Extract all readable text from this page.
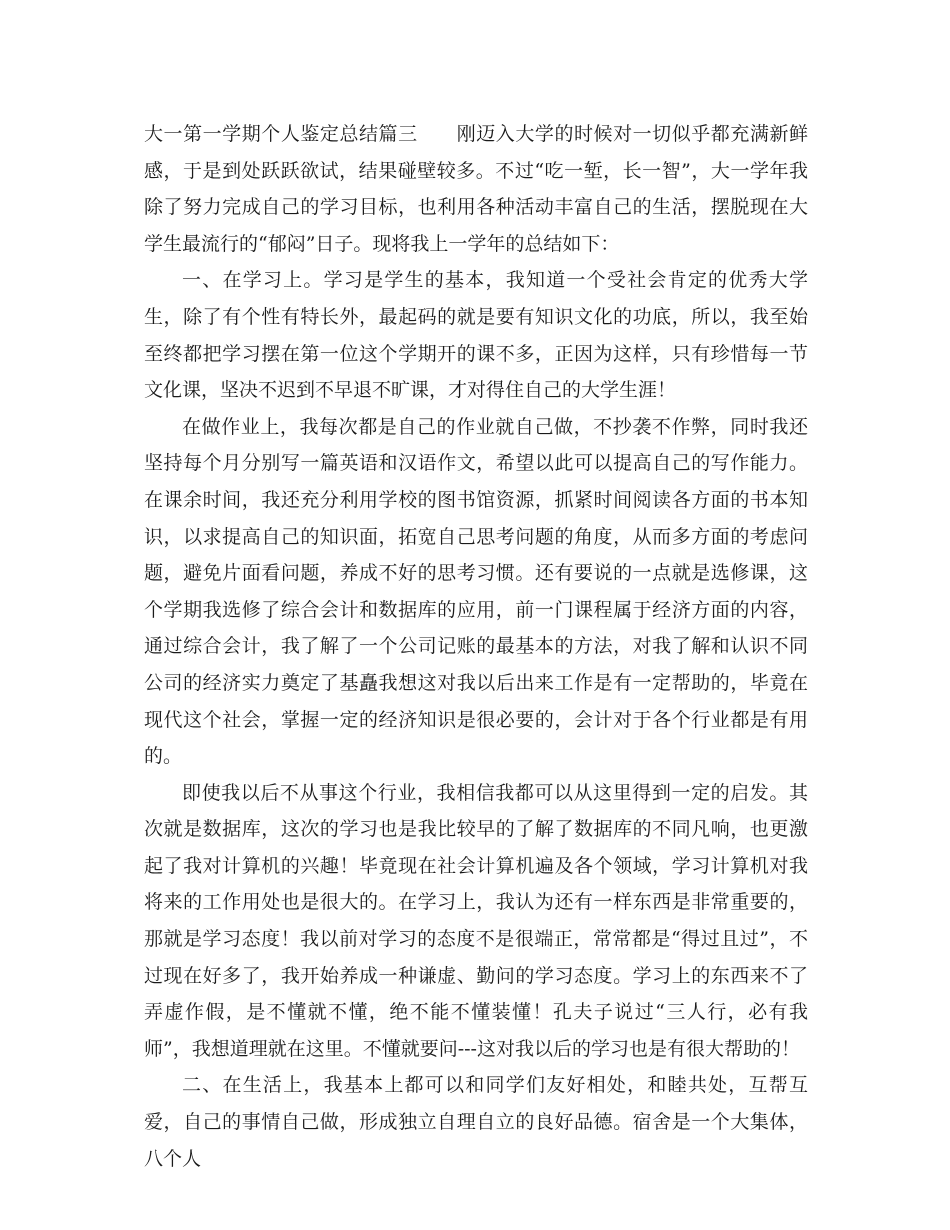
大一第一学期个人鉴定总结篇三　　刚迈入大学的时候对一切似乎都充满新鲜感，于是到处跃跃欲试，结果碰壁较多。不过“吃一堑，长一智”，大一学年我除了努力完成自己的学习目标，也利用各种活动丰富自己的生活，摆脱现在大学生最流行的“郁闷”日子。现将我上一学年的总结如下：

一、在学习上。学习是学生的基本，我知道一个受社会肯定的优秀大学生，除了有个性有特长外，最起码的就是要有知识文化的功底，所以，我至始至终都把学习摆在第一位这个学期开的课不多，正因为这样，只有珍惜每一节文化课，坚决不迟到不早退不旷课，才对得住自己的大学生涯！

在做作业上，我每次都是自己的作业就自己做，不抄袭不作弊，同时我还坚持每个月分别写一篇英语和汉语作文，希望以此可以提高自己的写作能力。在课余时间，我还充分利用学校的图书馆资源，抓紧时间阅读各方面的书本知识，以求提高自己的知识面，拓宽自己思考问题的角度，从而多方面的考虑问题，避免片面看问题，养成不好的思考习惯。还有要说的一点就是选修课，这个学期我选修了综合会计和数据库的应用，前一门课程属于经济方面的内容，通过综合会计，我了解了一个公司记账的最基本的方法，对我了解和认识不同公司的经济实力奠定了基矗我想这对我以后出来工作是有一定帮助的，毕竟在现代这个社会，掌握一定的经济知识是很必要的，会计对于各个行业都是有用的。

即使我以后不从事这个行业，我相信我都可以从这里得到一定的启发。其次就是数据库，这次的学习也是我比较早的了解了数据库的不同凡响，也更激起了我对计算机的兴趣！毕竟现在社会计算机遍及各个领域，学习计算机对我将来的工作用处也是很大的。在学习上，我认为还有一样东西是非常重要的，那就是学习态度！我以前对学习的态度不是很端正，常常都是“得过且过”，不过现在好多了，我开始养成一种谦虚、勤问的学习态度。学习上的东西来不了弄虚作假，是不懂就不懂，绝不能不懂装懂！孔夫子说过“三人行，必有我师”，我想道理就在这里。不懂就要问---这对我以后的学习也是有很大帮助的！

二、在生活上，我基本上都可以和同学们友好相处，和睦共处，互帮互爱，自己的事情自己做，形成独立自理自立的良好品德。宿舍是一个大集体，八个人
